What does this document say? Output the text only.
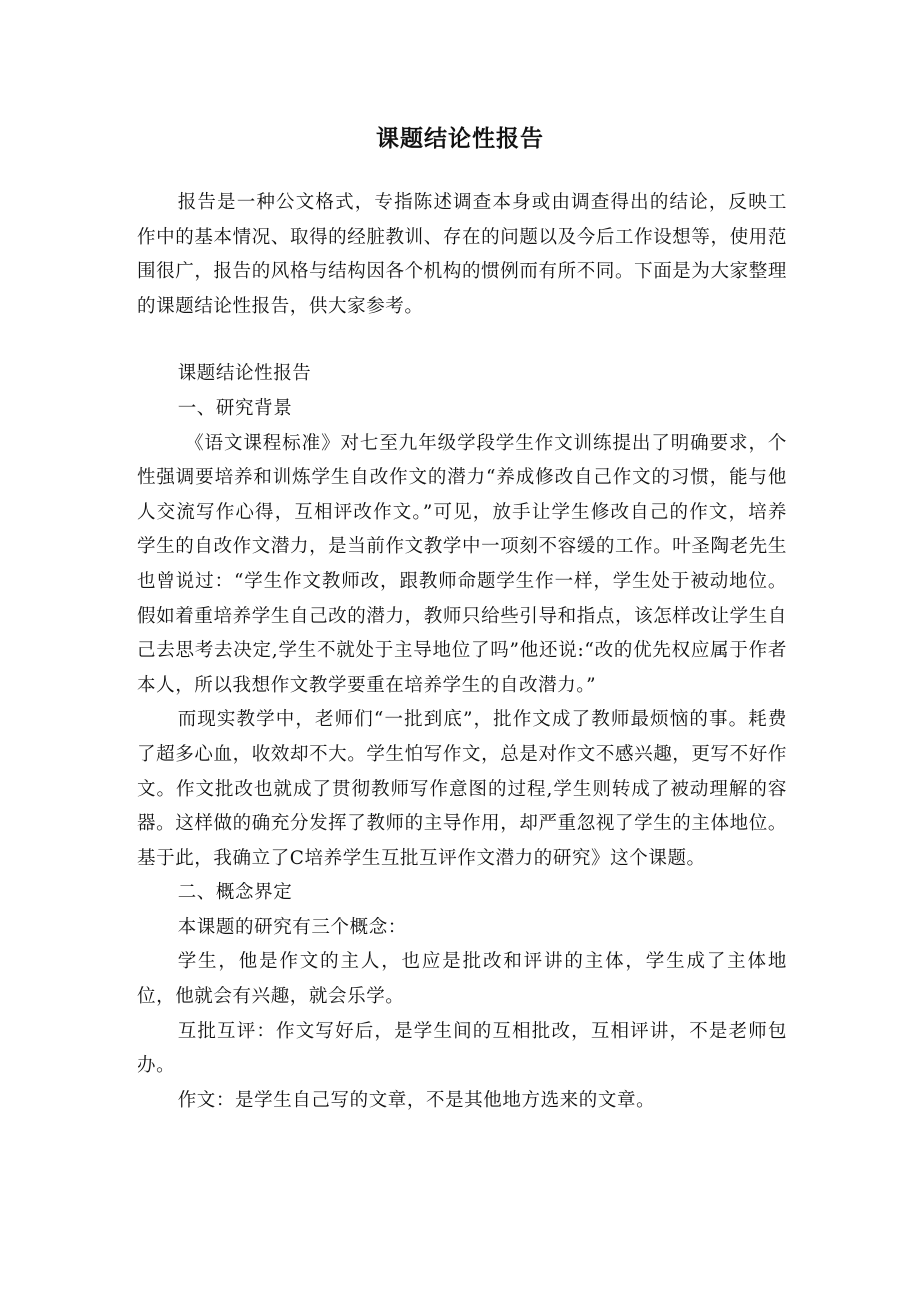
课题结论性报告

报告是一种公文格式，专指陈述调查本身或由调查得出的结论，反映工作中的基本情况、取得的经脏教训、存在的问题以及今后工作设想等，使用范围很广，报告的风格与结构因各个机构的惯例而有所不同。下面是为大家整理的课题结论性报告，供大家参考。

课题结论性报告

一、研究背景

《语文课程标准》对七至九年级学段学生作文训练提出了明确要求，个性强调要培养和训炼学生自改作文的潜力“养成修改自己作文的习惯，能与他人交流写作心得，互相评改作文。”可见，放手让学生修改自己的作文，培养学生的自改作文潜力，是当前作文教学中一项刻不容缓的工作。叶圣陶老先生也曾说过：“学生作文教师改，跟教师命题学生作一样，学生处于被动地位。假如着重培养学生自己改的潜力，教师只给些引导和指点，该怎样改让学生自己去思考去决定,学生不就处于主导地位了吗”他还说:“改的优先权应属于作者本人，所以我想作文教学要重在培养学生的自改潜力。”

而现实教学中，老师们“一批到底”，批作文成了教师最烦恼的事。耗费了超多心血，收效却不大。学生怕写作文，总是对作文不感兴趣，更写不好作文。作文批改也就成了贯彻教师写作意图的过程,学生则转成了被动理解的容器。这样做的确充分发挥了教师的主导作用，却严重忽视了学生的主体地位。基于此，我确立了C培养学生互批互评作文潜力的研究》这个课题。

二、概念界定

本课题的研究有三个概念：

学生，他是作文的主人，也应是批改和评讲的主体，学生成了主体地位，他就会有兴趣，就会乐学。

互批互评：作文写好后，是学生间的互相批改，互相评讲，不是老师包办。

作文：是学生自己写的文章，不是其他地方选来的文章。
